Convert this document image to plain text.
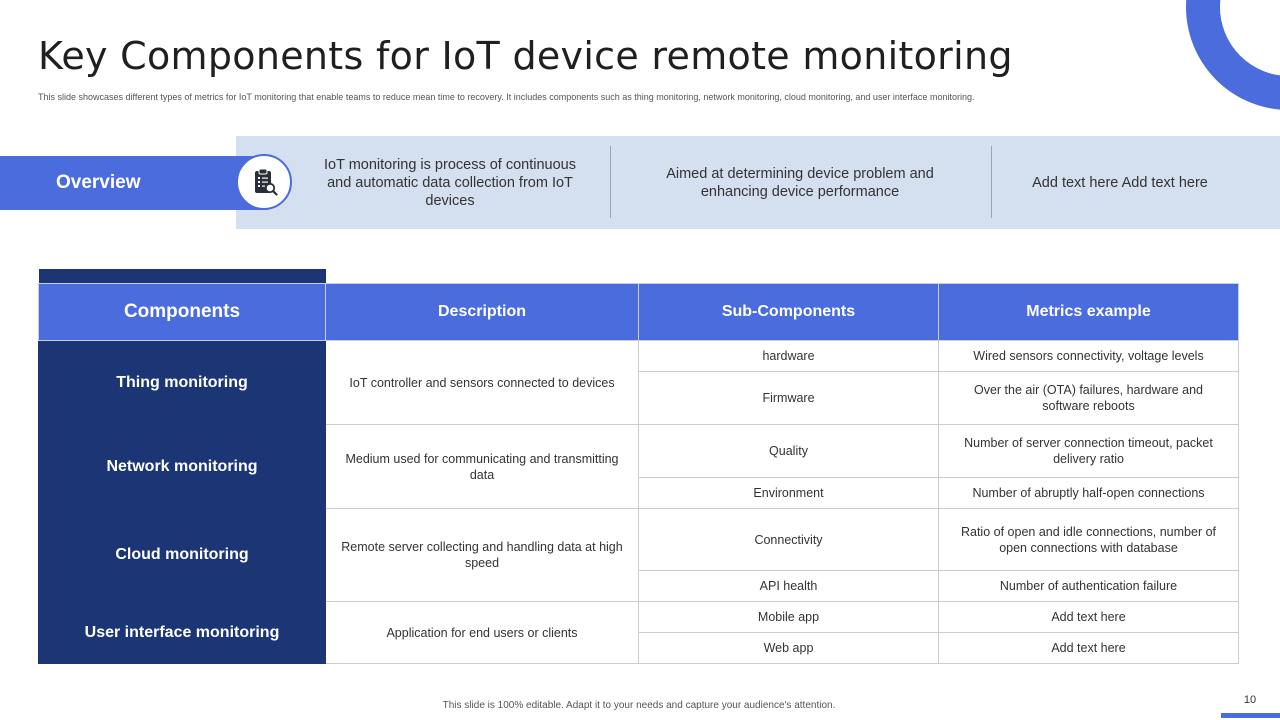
Key Components for IoT device remote monitoring
This slide showcases different types of metrics for IoT monitoring that enable teams to reduce mean time to recovery. It includes components such as thing monitoring, network monitoring, cloud monitoring, and user interface monitoring.
Overview
IoT monitoring is process of continuous and automatic data collection from IoT devices
Aimed at determining device problem and enhancing device performance
Add text here Add text here
Components	Description	Sub-Components	Metrics example
Thing monitoring	IoT controller and sensors connected to devices	hardware	Wired sensors connectivity, voltage levels
		Firmware	Over the air (OTA) failures, hardware and software reboots
Network monitoring	Medium used for communicating and transmitting data	Quality	Number of server connection timeout, packet delivery ratio
		Environment	Number of abruptly half-open connections
Cloud monitoring	Remote server collecting and handling data at high speed	Connectivity	Ratio of open and idle connections, number of open connections with database
		API health	Number of authentication failure
User interface monitoring	Application for end users or clients	Mobile app	Add text here
		Web app	Add text here
This slide is 100% editable. Adapt it to your needs and capture your audience's attention.	10
